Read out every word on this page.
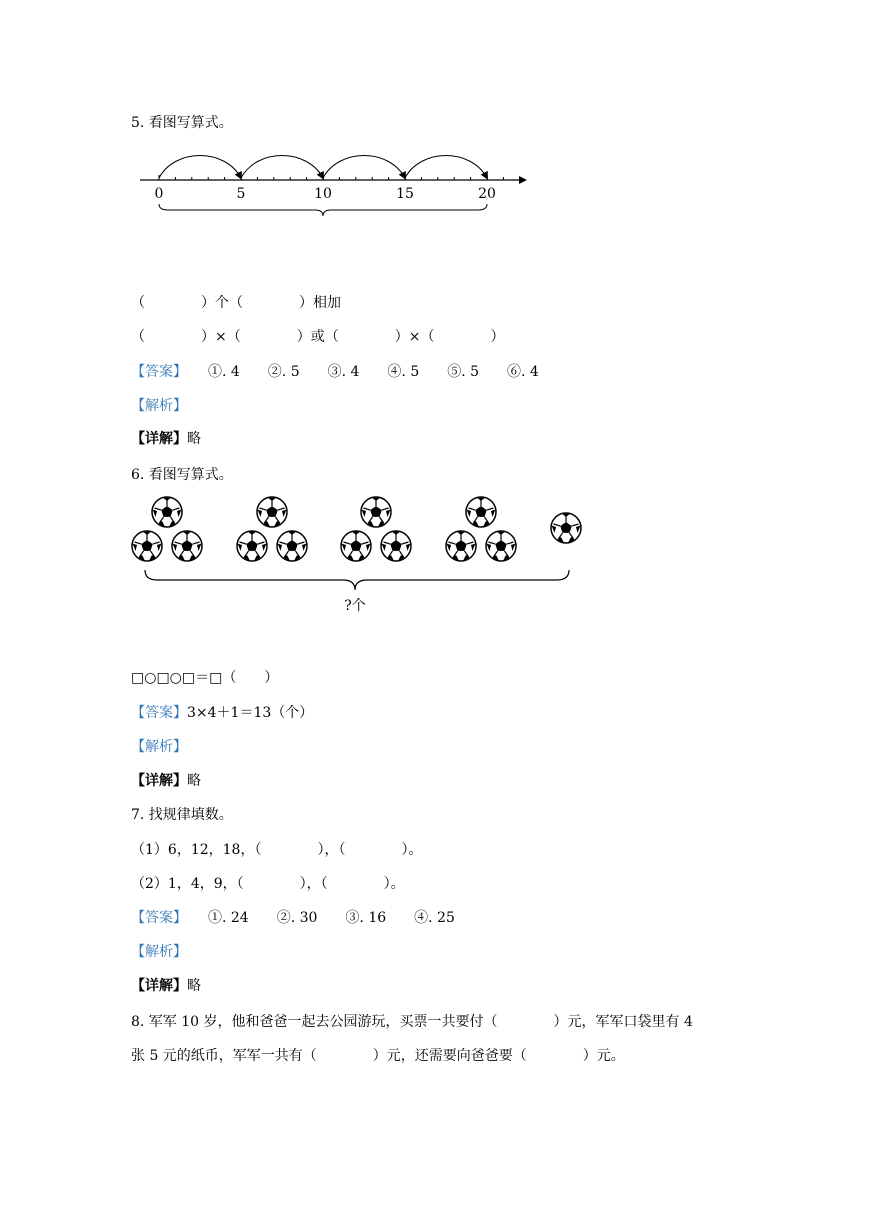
5. 看图写算式。
0	5	10	15	20
（　　　　）个（　　　　）相加
（　　　　）×（　　　　）或（　　　　）×（　　　　）
【答案】　　①. 4　　②. 5　　③. 4　　④. 5　　⑤. 5　　⑥. 4
【解析】
【详解】略
6. 看图写算式。
?个
□○□○□＝□（　　）
【答案】3×4＋1＝13（个）
【解析】
【详解】略
7. 找规律填数。
（1）6，12，18，（　　　　），（　　　　）。
（2）1，4，9，（　　　　），（　　　　）。
【答案】　　①. 24　　②. 30　　③. 16　　④. 25
【解析】
【详解】略
8. 军军 10 岁，他和爸爸一起去公园游玩，买票一共要付（　　　　）元，军军口袋里有 4
张 5 元的纸币，军军一共有（　　　　）元，还需要向爸爸要（　　　　）元。
